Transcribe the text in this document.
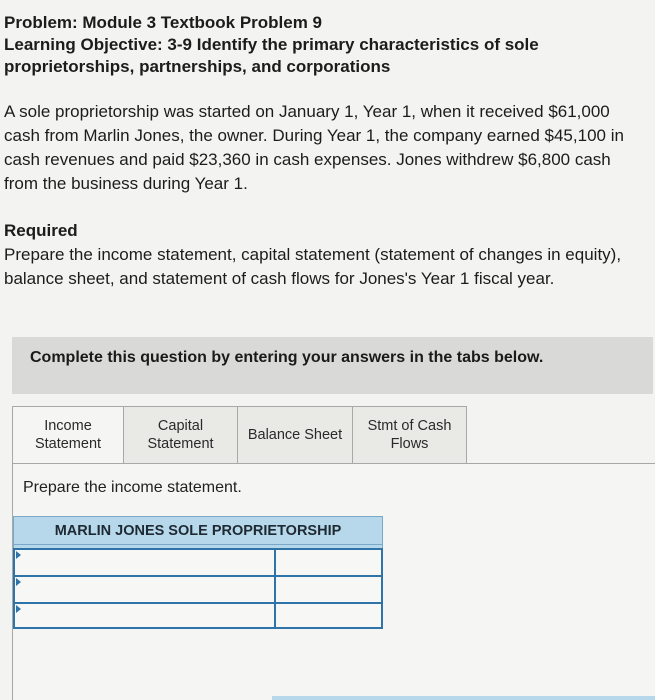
Problem: Module 3 Textbook Problem 9
Learning Objective: 3-9 Identify the primary characteristics of sole proprietorships, partnerships, and corporations
A sole proprietorship was started on January 1, Year 1, when it received $61,000 cash from Marlin Jones, the owner. During Year 1, the company earned $45,100 in cash revenues and paid $23,360 in cash expenses. Jones withdrew $6,800 cash from the business during Year 1.
Required
Prepare the income statement, capital statement (statement of changes in equity), balance sheet, and statement of cash flows for Jones's Year 1 fiscal year.
Complete this question by entering your answers in the tabs below.
Income Statement
Capital Statement
Balance Sheet
Stmt of Cash Flows
Prepare the income statement.
MARLIN JONES SOLE PROPRIETORSHIP
